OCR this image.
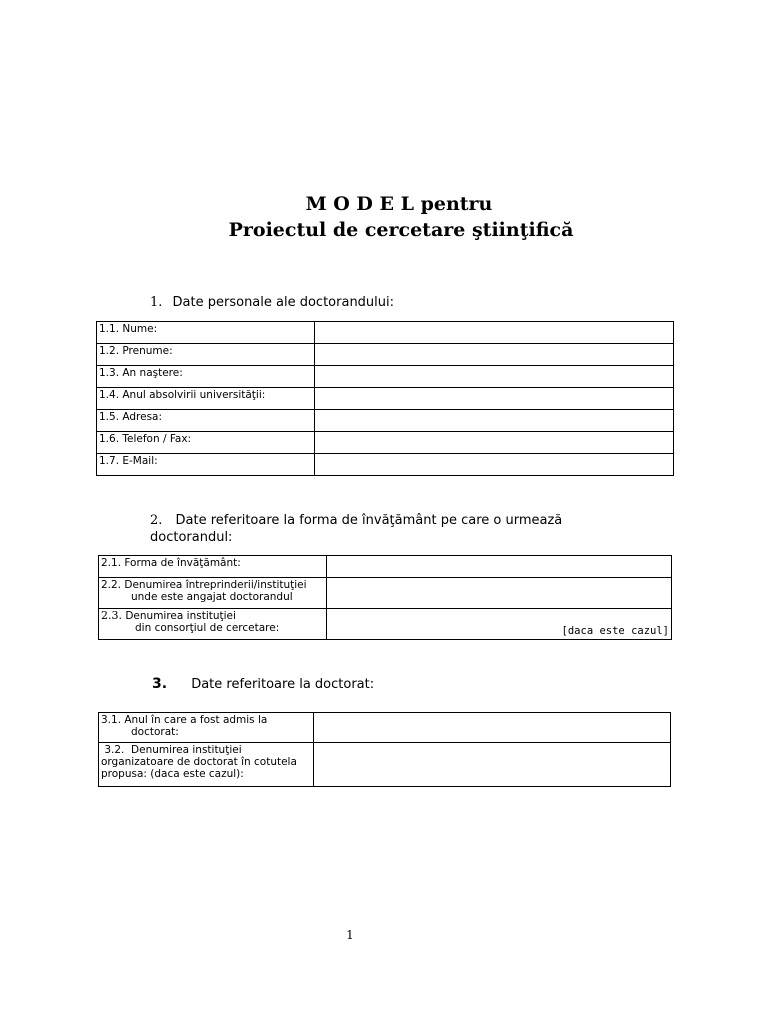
M O D E L pentru
Proiectul de cercetare ştiinţifică
1. Date personale ale doctorandului:
1.1. Nume:	
1.2. Prenume:	
1.3. An naştere:	
1.4. Anul absolvirii universităţii:	
1.5. Adresa:	
1.6. Telefon / Fax:	
1.7. E-Mail:	
2. Date referitoare la forma de învăţământ pe care o urmează
doctorandul:
2.1. Forma de învăţământ:	
2.2. Denumirea întreprinderii/instituţiei
unde este angajat doctorandul	

2.3. Denumirea instituţiei
din consorţiul de cercetare:	[daca este cazul]
3. Date referitoare la doctorat:
3.1. Anul în care a fost admis la
doctorat:	

3.2.  Denumirea instituţiei
organizatoare de doctorat în cotutela
propusa: (daca este cazul):	
1
